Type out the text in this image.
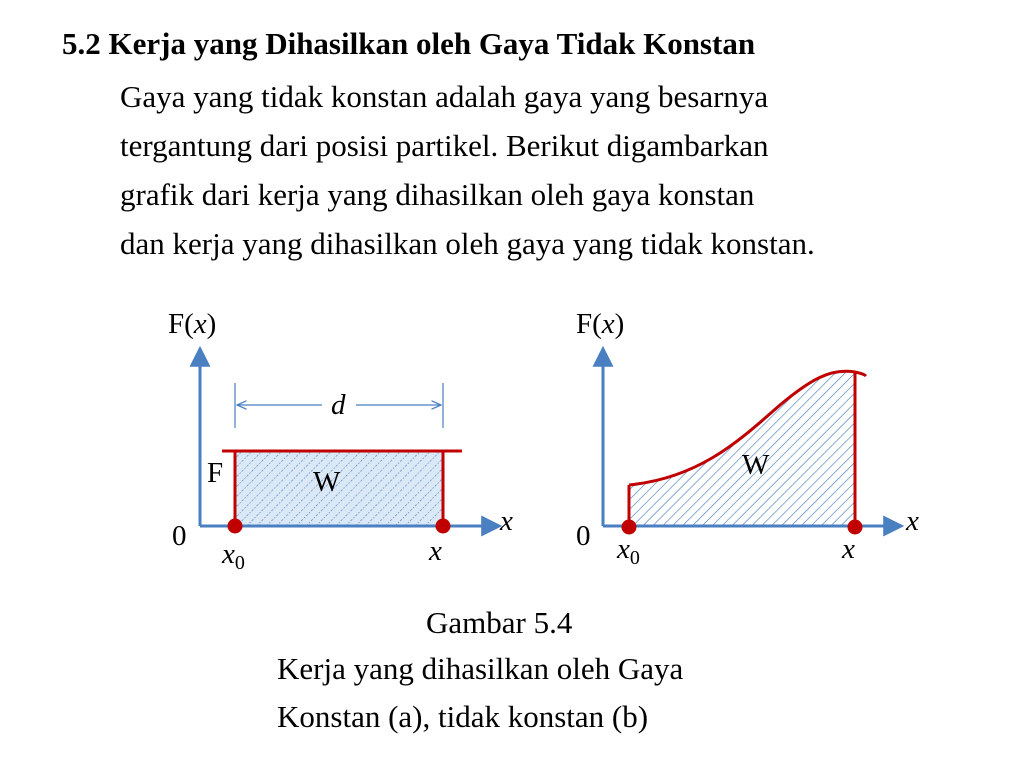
5.2 Kerja yang Dihasilkan oleh Gaya Tidak Konstan
Gaya yang tidak konstan adalah gaya yang besarnya
tergantung dari posisi partikel. Berikut digambarkan
grafik dari kerja yang dihasilkan oleh gaya konstan
dan kerja yang dihasilkan oleh gaya yang tidak konstan.
F(x)
x
0
F	W
d
$x_0$	x
F(x)
x
0
W
$x_0$	x
Gambar 5.4
Kerja yang dihasilkan oleh Gaya
Konstan (a), tidak konstan (b)
